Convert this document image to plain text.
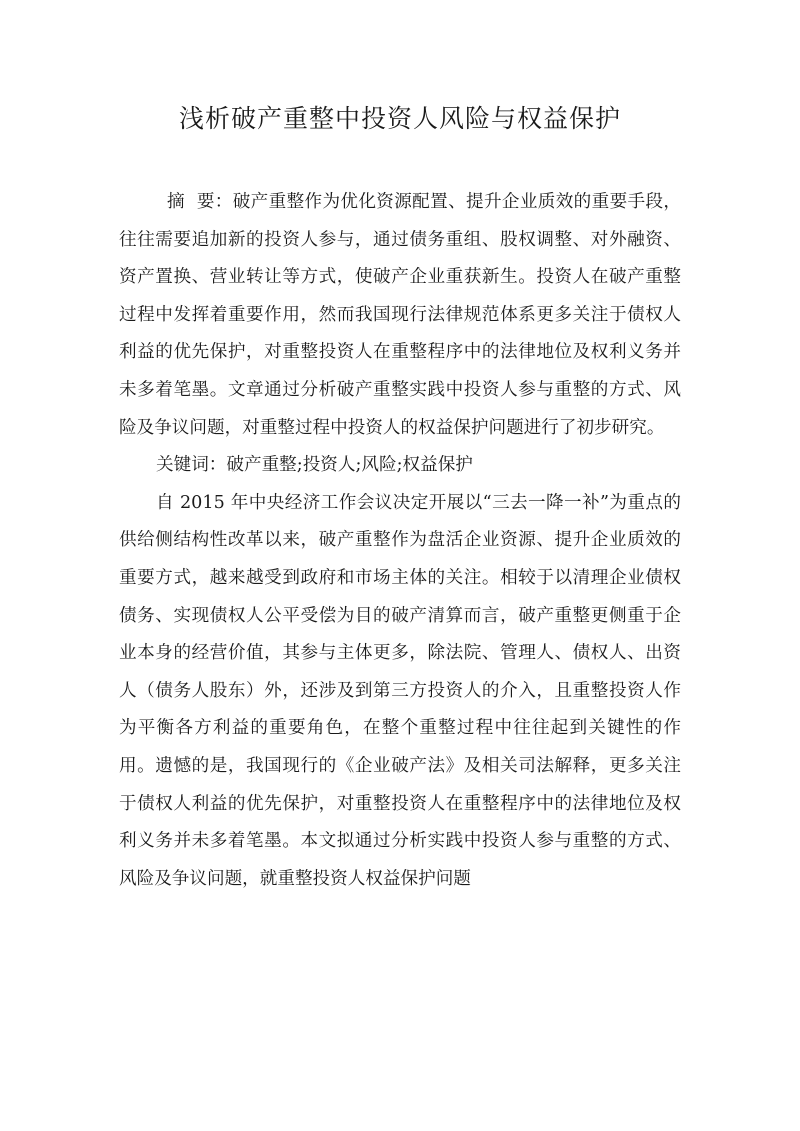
浅析破产重整中投资人风险与权益保护

摘  要：破产重整作为优化资源配置、提升企业质效的重要手段，往往需要追加新的投资人参与，通过债务重组、股权调整、对外融资、资产置换、营业转让等方式，使破产企业重获新生。投资人在破产重整过程中发挥着重要作用，然而我国现行法律规范体系更多关注于债权人利益的优先保护，对重整投资人在重整程序中的法律地位及权利义务并未多着笔墨。文章通过分析破产重整实践中投资人参与重整的方式、风险及争议问题，对重整过程中投资人的权益保护问题进行了初步研究。

关键词：破产重整;投资人;风险;权益保护

自 2015 年中央经济工作会议决定开展以“三去一降一补”为重点的供给侧结构性改革以来，破产重整作为盘活企业资源、提升企业质效的重要方式，越来越受到政府和市场主体的关注。相较于以清理企业债权债务、实现债权人公平受偿为目的破产清算而言，破产重整更侧重于企业本身的经营价值，其参与主体更多，除法院、管理人、债权人、出资人（债务人股东）外，还涉及到第三方投资人的介入，且重整投资人作为平衡各方利益的重要角色，在整个重整过程中往往起到关键性的作用。遗憾的是，我国现行的《企业破产法》及相关司法解释，更多关注于债权人利益的优先保护，对重整投资人在重整程序中的法律地位及权利义务并未多着笔墨。本文拟通过分析实践中投资人参与重整的方式、风险及争议问题，就重整投资人权益保护问题
